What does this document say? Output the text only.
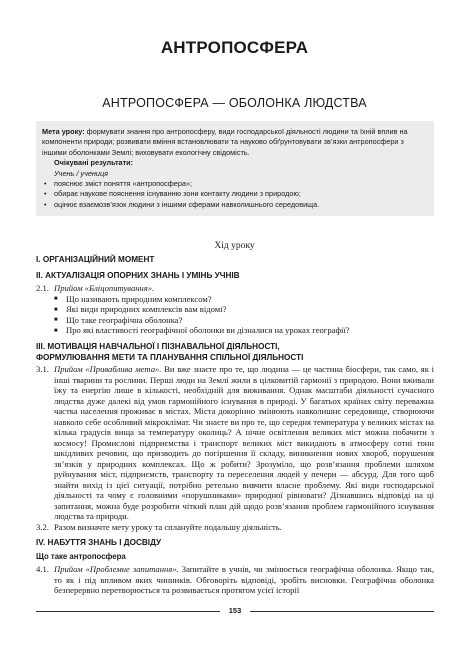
АНТРОПОСФЕРА
АНТРОПОСФЕРА — ОБОЛОНКА ЛЮДСТВА
Мета уроку: формувати знання про антропосферу, види господарської діяльності людини та їхній вплив на компоненти природи; розвивати вміння встановлювати та науково обґрунтовувати зв’язки антропосфери з іншими оболонками Землі; виховувати екологічну свідомість.
Очікувані результати:
Учень / учениця
• пояснює зміст поняття «антропосфера»;
• обирає наукове пояснення існуванню зони контакту людини з природою;
• оцінює взаємозв’язок людини з іншими сферами навколишнього середовища.
Хід уроку
І. ОРГАНІЗАЦІЙНИЙ МОМЕНТ
ІІ. АКТУАЛІЗАЦІЯ ОПОРНИХ ЗНАНЬ І УМІНЬ УЧНІВ
2.1. Прийом «Бліцопитування».
■ Що називають природним комплексом?
■ Які види природних комплексів вам відомі?
■ Що таке географічна оболонка?
■ Про які властивості географічної оболонки ви дізналися на уроках географії?
ІІІ. МОТИВАЦІЯ НАВЧАЛЬНОЇ І ПІЗНАВАЛЬНОЇ ДІЯЛЬНОСТІ,
ФОРМУЛЮВАННЯ МЕТИ ТА ПЛАНУВАННЯ СПІЛЬНОЇ ДІЯЛЬНОСТІ
3.1. Прийом «Приваблива мета». Ви вже знаєте про те, що людина — це частина біосфери, так само, як і інші тварини та рослини. Перші люди на Землі жили в цілковитій гармонії з природою. Вони вживали їжу та енергію лише в кількості, необхідній для виживання. Однак масштаби діяльності сучасного людства дуже далекі від умов гармонійного існування в природі. У багатьох країнах світу переважна частка населення проживає в містах. Міста докорінно змінюють навколишнє середовище, створюючи навколо себе особливий мікроклімат. Чи знаєте ви про те, що середня температура у великих містах на кілька градусів вища за температуру околиць? А нічне освітлення великих міст можна побачити з космосу! Промислові підприємства і транспорт великих міст викидають в атмосферу сотні тонн шкідливих речовин, що призводить до погіршення її складу, виникнення нових хвороб, порушення зв’язків у природних комплексах. Що ж робити? Зрозуміло, що розв’язання проблеми шляхом руйнування міст, підприємств, транспорту та переселення людей у печери — абсурд. Для того щоб знайти вихід із цієї ситуації, потрібно ретельно вивчити власне проблему. Які види господарської діяльності та чому є головними «порушниками» природної рівноваги? Дізнавшись відповіді на ці запитання, можна буде розробити чіткий план дій щодо розв’язання проблем гармонійного існування людства та природи.
3.2. Разом визначте мету уроку та сплануйте подальшу діяльність.
IV. НАБУТТЯ ЗНАНЬ І ДОСВІДУ
Що таке антропосфера
4.1. Прийом «Проблемне запитання». Запитайте в учнів, чи змінюється географічна оболонка. Якщо так, то як і під впливом яких чинників. Обговоріть відповіді, зробіть висновки. Географічна оболонка безперервно перетворюється та розвивається протягом усієї історії
153
